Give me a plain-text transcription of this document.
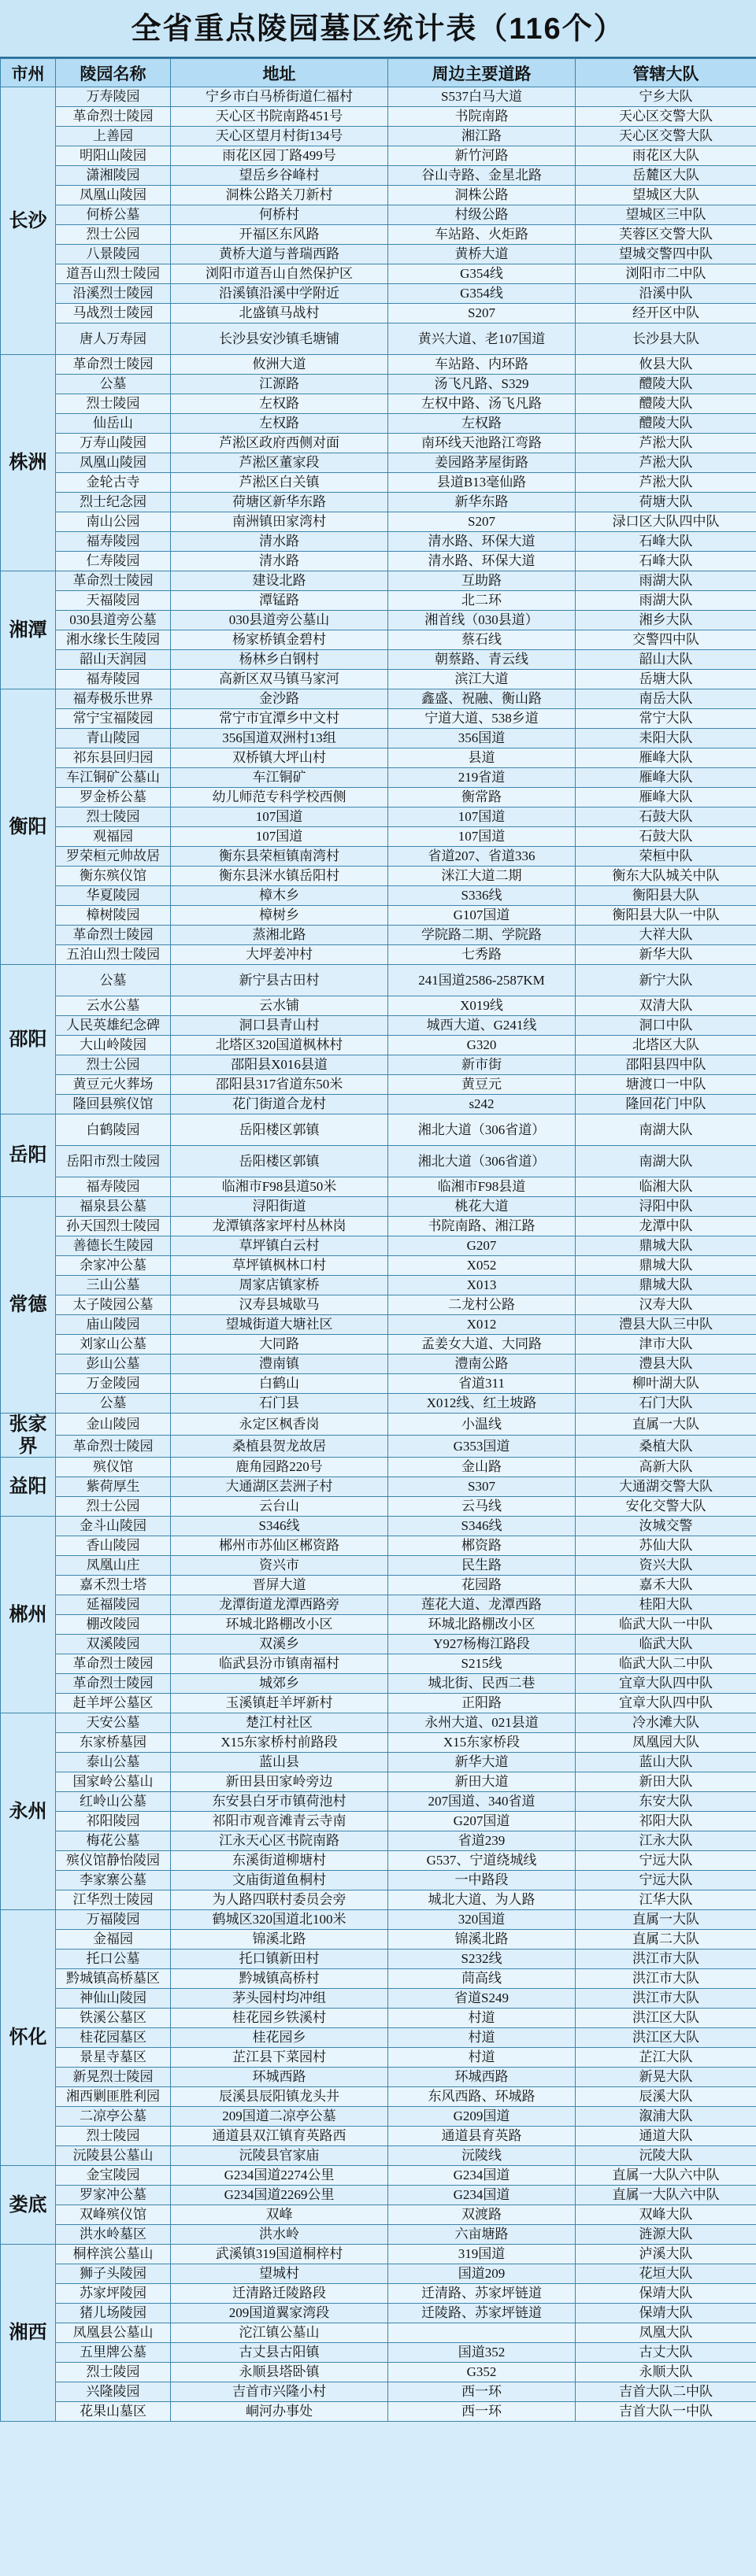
全省重点陵园墓区统计表（116个）
市州	陵园名称	地址	周边主要道路	管辖大队
长沙	万寿陵园	宁乡市白马桥街道仁福村	S537白马大道	宁乡大队
	革命烈士陵园	天心区书院南路451号	书院南路	天心区交警大队
	上善园	天心区望月村街134号	湘江路	天心区交警大队
	明阳山陵园	雨花区园丁路499号	新竹河路	雨花区大队
	潇湘陵园	望岳乡谷峰村	谷山寺路、金星北路	岳麓区大队
	凤凰山陵园	洞株公路关刀新村	洞株公路	望城区大队
	何桥公墓	何桥村	村级公路	望城区三中队
	烈士公园	开福区东风路	车站路、火炬路	芙蓉区交警大队
	八景陵园	黄桥大道与普瑞西路	黄桥大道	望城交警四中队
	道吾山烈士陵园	浏阳市道吾山自然保护区	G354线	浏阳市二中队
	沿溪烈士陵园	沿溪镇沿溪中学附近	G354线	沿溪中队
	马战烈士陵园	北盛镇马战村	S207	经开区中队
	唐人万寿园	长沙县安沙镇毛塘铺	黄兴大道、老107国道	长沙县大队
株洲	革命烈士陵园	攸洲大道	车站路、内环路	攸县大队
	公墓	江源路	汤飞凡路、S329	醴陵大队
	烈士陵园	左权路	左权中路、汤飞凡路	醴陵大队
	仙岳山	左权路	左权路	醴陵大队
	万寿山陵园	芦淞区政府西侧对面	南环线天池路江弯路	芦淞大队
	凤凰山陵园	芦淞区董家段	姜园路茅屋街路	芦淞大队
	金轮古寺	芦淞区白关镇	县道B13毫仙路	芦淞大队
	烈士纪念园	荷塘区新华东路	新华东路	荷塘大队
	南山公园	南洲镇田家湾村	S207	渌口区大队四中队
	福寿陵园	清水路	清水路、环保大道	石峰大队
	仁寿陵园	清水路	清水路、环保大道	石峰大队
湘潭	革命烈士陵园	建设北路	互助路	雨湖大队
	天福陵园	潭锰路	北二环	雨湖大队
	030县道旁公墓	030县道旁公墓山	湘首线（030县道）	湘乡大队
	湘水缘长生陵园	杨家桥镇金碧村	蔡石线	交警四中队
	韶山天润园	杨林乡白钢村	朝蔡路、青云线	韶山大队
	福寿陵园	高新区双马镇马家河	滨江大道	岳塘大队
衡阳	福寿极乐世界	金沙路	鑫盛、祝融、衡山路	南岳大队
	常宁宝福陵园	常宁市宜潭乡中文村	宁道大道、538乡道	常宁大队
	青山陵园	356国道双洲村13组	356国道	耒阳大队
	祁东县回归园	双桥镇大坪山村	县道	雁峰大队
	车江铜矿公墓山	车江铜矿	219省道	雁峰大队
	罗金桥公墓	幼儿师范专科学校西侧	衡常路	雁峰大队
	烈士陵园	107国道	107国道	石鼓大队
	观福园	107国道	107国道	石鼓大队
	罗荣桓元帅故居	衡东县荣桓镇南湾村	省道207、省道336	荣桓中队
	衡东殡仪馆	衡东县洣水镇岳阳村	洣江大道二期	衡东大队城关中队
	华夏陵园	樟木乡	S336线	衡阳县大队
	樟树陵园	樟树乡	G107国道	衡阳县大队一中队
	革命烈士陵园	蒸湘北路	学院路二期、学院路	大祥大队
	五泊山烈士陵园	大坪姜冲村	七秀路	新华大队
邵阳	公墓	新宁县古田村	241国道2586-2587KM	新宁大队
	云水公墓	云水铺	X019线	双清大队
	人民英雄纪念碑	洞口县青山村	城西大道、G241线	洞口中队
	大山岭陵园	北塔区320国道枫林村	G320	北塔区大队
	烈士公园	邵阳县X016县道	新市街	邵阳县四中队
	黄豆元火葬场	邵阳县317省道东50米	黄豆元	塘渡口一中队
	隆回县殡仪馆	花门街道合龙村	s242	隆回花门中队
岳阳	白鹤陵园	岳阳楼区郭镇	湘北大道（306省道）	南湖大队
	岳阳市烈士陵园	岳阳楼区郭镇	湘北大道（306省道）	南湖大队
	福寿陵园	临湘市F98县道50米	临湘市F98县道	临湘大队
常德	福泉县公墓	浔阳街道	桃花大道	浔阳中队
	孙天国烈士陵园	龙潭镇落家坪村丛林岗	书院南路、湘江路	龙潭中队
	善德长生陵园	草坪镇白云村	G207	鼎城大队
	余家冲公墓	草坪镇枫林口村	X052	鼎城大队
	三山公墓	周家店镇家桥	X013	鼎城大队
	太子陵园公墓	汉寿县城歇马	二龙村公路	汉寿大队
	庙山陵园	望城街道大塘社区	X012	澧县大队三中队
	刘家山公墓	大同路	孟姜女大道、大同路	津市大队
	彭山公墓	澧南镇	澧南公路	澧县大队
	万金陵园	白鹤山	省道311	柳叶湖大队
	公墓	石门县	X012线、红土坡路	石门大队
张家界	金山陵园	永定区枫香岗	小温线	直属一大队
	革命烈士陵园	桑植县贺龙故居	G353国道	桑植大队
益阳	殡仪馆	鹿角园路220号	金山路	高新大队
	紫荷厚生	大通湖区芸洲子村	S307	大通湖交警大队
	烈士公园	云台山	云马线	安化交警大队
郴州	金斗山陵园	S346线	S346线	汝城交警
	香山陵园	郴州市苏仙区郴资路	郴资路	苏仙大队
	凤凰山庄	资兴市	民生路	资兴大队
	嘉禾烈士塔	晋屏大道	花园路	嘉禾大队
	延福陵园	龙潭街道龙潭西路旁	莲花大道、龙潭西路	桂阳大队
	棚改陵园	环城北路棚改小区	环城北路棚改小区	临武大队一中队
	双溪陵园	双溪乡	Y927杨梅江路段	临武大队
	革命烈士陵园	临武县汾市镇南福村	S215线	临武大队二中队
	革命烈士陵园	城郊乡	城北街、民西二巷	宜章大队四中队
	赶羊坪公墓区	玉溪镇赶羊坪新村	正阳路	宜章大队四中队
永州	天安公墓	楚江村社区	永州大道、021县道	冷水滩大队
	东家桥墓园	X15东家桥村前路段	X15东家桥段	凤凰园大队
	泰山公墓	蓝山县	新华大道	蓝山大队
	国家岭公墓山	新田县田家岭旁边	新田大道	新田大队
	红岭山公墓	东安县白牙市镇荷池村	207国道、340省道	东安大队
	祁阳陵园	祁阳市观音滩青云寺南	G207国道	祁阳大队
	梅花公墓	江永天心区书院南路	省道239	江永大队
	殡仪馆静怡陵园	东溪街道柳塘村	G537、宁道绕城线	宁远大队
	李家寨公墓	文庙街道鱼桐村	一中路段	宁远大队
	江华烈士陵园	为人路四联村委员会旁	城北大道、为人路	江华大队
怀化	万福陵园	鹤城区320国道北100米	320国道	直属一大队
	金福园	锦溪北路	锦溪北路	直属二大队
	托口公墓	托口镇新田村	S232线	洪江市大队
	黔城镇高桥墓区	黔城镇高桥村	茼高线	洪江市大队
	神仙山陵园	茅头园村均冲组	省道S249	洪江市大队
	铁溪公墓区	桂花园乡铁溪村	村道	洪江区大队
	桂花园墓区	桂花园乡	村道	洪江区大队
	景星寺墓区	芷江县下菜园村	村道	芷江大队
	新晃烈士陵园	环城西路	环城西路	新晃大队
	湘西剿匪胜利园	辰溪县辰阳镇龙头井	东风西路、环城路	辰溪大队
	二凉亭公墓	209国道二凉亭公墓	G209国道	溆浦大队
	烈士陵园	通道县双江镇育英路西	通道县育英路	通道大队
	沅陵县公墓山	沅陵县官家庙	沅陵线	沅陵大队
娄底	金宝陵园	G234国道2274公里	G234国道	直属一大队六中队
	罗家冲公墓	G234国道2269公里	G234国道	直属一大队六中队
	双峰殡仪馆	双峰	双渡路	双峰大队
	洪水岭墓区	洪水岭	六亩塘路	涟源大队
湘西	桐梓滨公墓山	武溪镇319国道桐梓村	319国道	泸溪大队
	狮子头陵园	望城村	国道209	花垣大队
	苏家坪陵园	迁清路迁陵路段	迁清路、苏家坪链道	保靖大队
	猪儿场陵园	209国道翼家湾段	迁陵路、苏家坪链道	保靖大队
	凤凰县公墓山	沱江镇公墓山		凤凰大队
	五里牌公墓	古丈县古阳镇	国道352	古丈大队
	烈士陵园	永顺县塔卧镇	G352	永顺大队
	兴隆陵园	吉首市兴隆小村	西一环	吉首大队二中队
	花果山墓区	峒河办事处	西一环	吉首大队一中队
